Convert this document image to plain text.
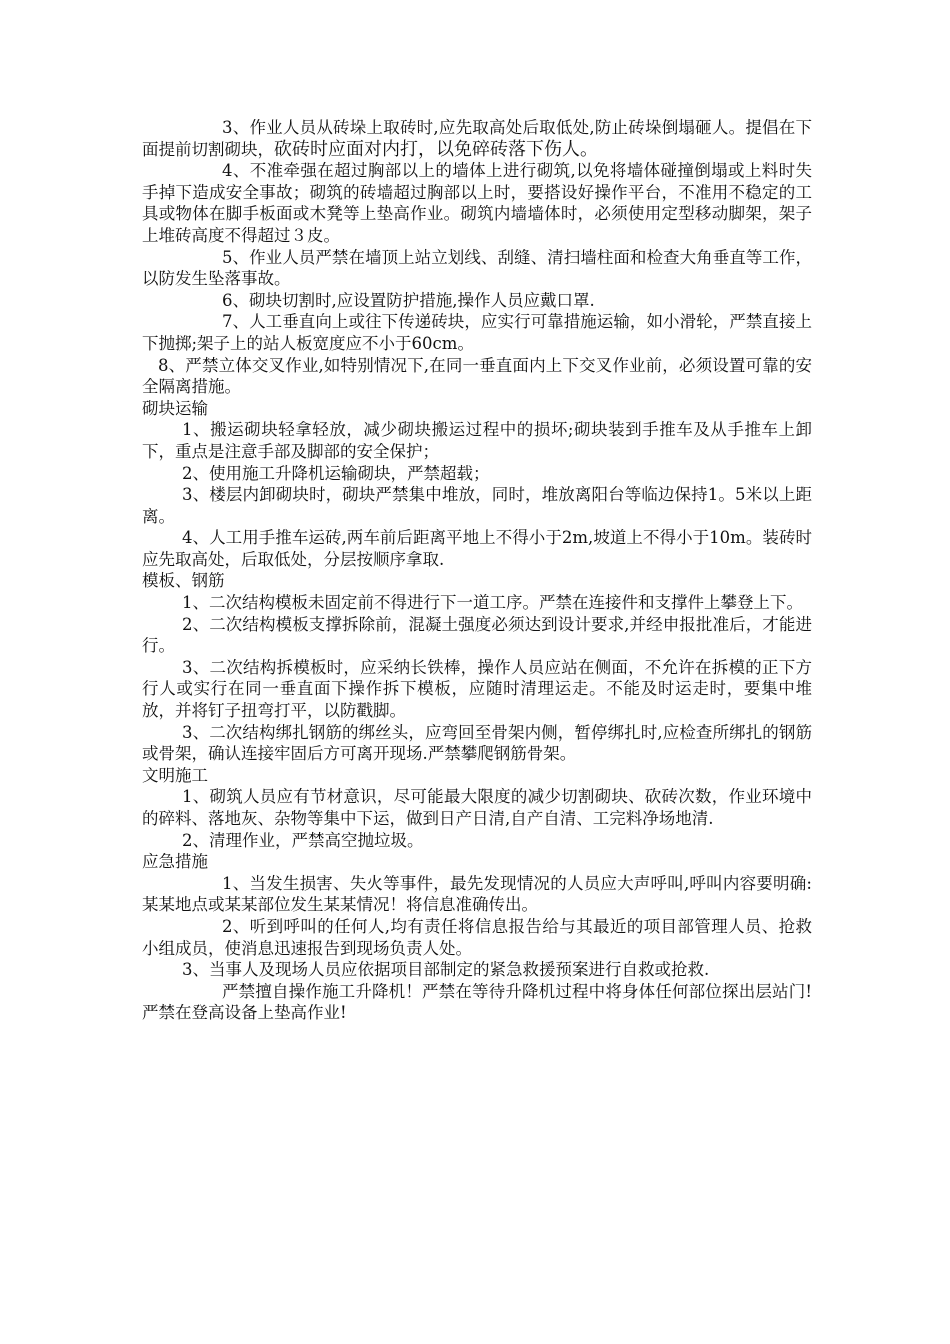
3、作业人员从砖垛上取砖时,应先取高处后取低处,防止砖垛倒塌砸人。提倡在下面提前切割砌块，砍砖时应面对内打，以免碎砖落下伤人。

4、不准牵强在超过胸部以上的墙体上进行砌筑,以免将墙体碰撞倒塌或上料时失手掉下造成安全事故；砌筑的砖墙超过胸部以上时，要搭设好操作平台，不准用不稳定的工具或物体在脚手板面或木凳等上垫高作业。砌筑内墙墙体时，必须使用定型移动脚架，架子上堆砖高度不得超过３皮。

5、作业人员严禁在墙顶上站立划线、刮缝、清扫墙柱面和检查大角垂直等工作，以防发生坠落事故。

6、砌块切割时,应设置防护措施,操作人员应戴口罩.

7、人工垂直向上或往下传递砖块，应实行可靠措施运输，如小滑轮，严禁直接上下抛掷;架子上的站人板宽度应不小于60cm。

8、严禁立体交叉作业,如特别情况下,在同一垂直面内上下交叉作业前，必须设置可靠的安全隔离措施。

砌块运输

1、搬运砌块轻拿轻放，减少砌块搬运过程中的损坏;砌块装到手推车及从手推车上卸下，重点是注意手部及脚部的安全保护；

2、使用施工升降机运输砌块，严禁超载；

3、楼层内卸砌块时，砌块严禁集中堆放，同时，堆放离阳台等临边保持1。5米以上距离。

4、人工用手推车运砖,两车前后距离平地上不得小于2m,坡道上不得小于10m。装砖时应先取高处，后取低处，分层按顺序拿取.

模板、钢筋

1、二次结构模板未固定前不得进行下一道工序。严禁在连接件和支撑件上攀登上下。

2、二次结构模板支撑拆除前，混凝土强度必须达到设计要求,并经申报批准后，才能进行。

3、二次结构拆模板时，应采纳长铁棒，操作人员应站在侧面，不允许在拆模的正下方行人或实行在同一垂直面下操作拆下模板，应随时清理运走。不能及时运走时，要集中堆放，并将钉子扭弯打平，以防戳脚。

3、二次结构绑扎钢筋的绑丝头，应弯回至骨架内侧，暂停绑扎时,应检查所绑扎的钢筋或骨架，确认连接牢固后方可离开现场.严禁攀爬钢筋骨架。

文明施工

1、砌筑人员应有节材意识，尽可能最大限度的减少切割砌块、砍砖次数，作业环境中的碎料、落地灰、杂物等集中下运，做到日产日清,自产自清、工完料净场地清.

2、清理作业，严禁高空抛垃圾。

应急措施

1、当发生损害、失火等事件，最先发现情况的人员应大声呼叫,呼叫内容要明确:某某地点或某某部位发生某某情况！将信息准确传出。

2、听到呼叫的任何人,均有责任将信息报告给与其最近的项目部管理人员、抢救小组成员，使消息迅速报告到现场负责人处。

3、当事人及现场人员应依据项目部制定的紧急救援预案进行自救或抢救.

严禁擅自操作施工升降机！严禁在等待升降机过程中将身体任何部位探出层站门!严禁在登高设备上垫高作业!
